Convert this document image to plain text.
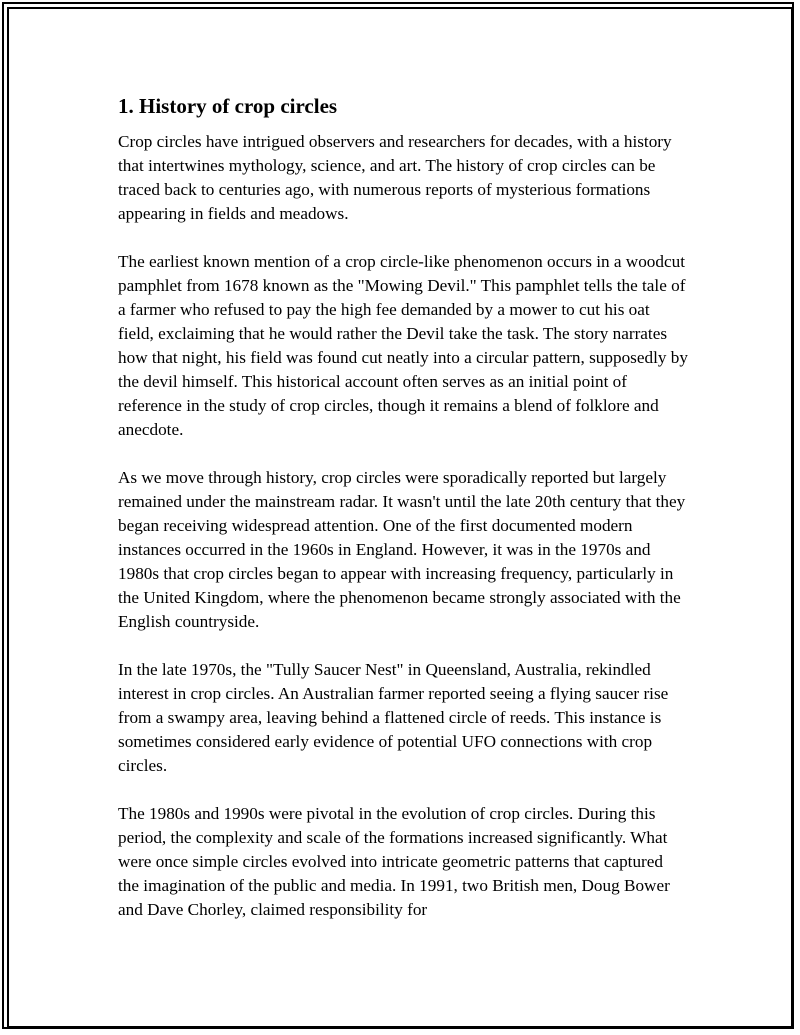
1. History of crop circles

Crop circles have intrigued observers and researchers for decades, with a history that intertwines mythology, science, and art. The history of crop circles can be traced back to centuries ago, with numerous reports of mysterious formations appearing in fields and meadows.

The earliest known mention of a crop circle-like phenomenon occurs in a woodcut pamphlet from 1678 known as the "Mowing Devil." This pamphlet tells the tale of a farmer who refused to pay the high fee demanded by a mower to cut his oat field, exclaiming that he would rather the Devil take the task. The story narrates how that night, his field was found cut neatly into a circular pattern, supposedly by the devil himself. This historical account often serves as an initial point of reference in the study of crop circles, though it remains a blend of folklore and anecdote.

As we move through history, crop circles were sporadically reported but largely remained under the mainstream radar. It wasn't until the late 20th century that they began receiving widespread attention. One of the first documented modern instances occurred in the 1960s in England. However, it was in the 1970s and 1980s that crop circles began to appear with increasing frequency, particularly in the United Kingdom, where the phenomenon became strongly associated with the English countryside.

In the late 1970s, the "Tully Saucer Nest" in Queensland, Australia, rekindled interest in crop circles. An Australian farmer reported seeing a flying saucer rise from a swampy area, leaving behind a flattened circle of reeds. This instance is sometimes considered early evidence of potential UFO connections with crop circles.

The 1980s and 1990s were pivotal in the evolution of crop circles. During this period, the complexity and scale of the formations increased significantly. What were once simple circles evolved into intricate geometric patterns that captured the imagination of the public and media. In 1991, two British men, Doug Bower and Dave Chorley, claimed responsibility for
